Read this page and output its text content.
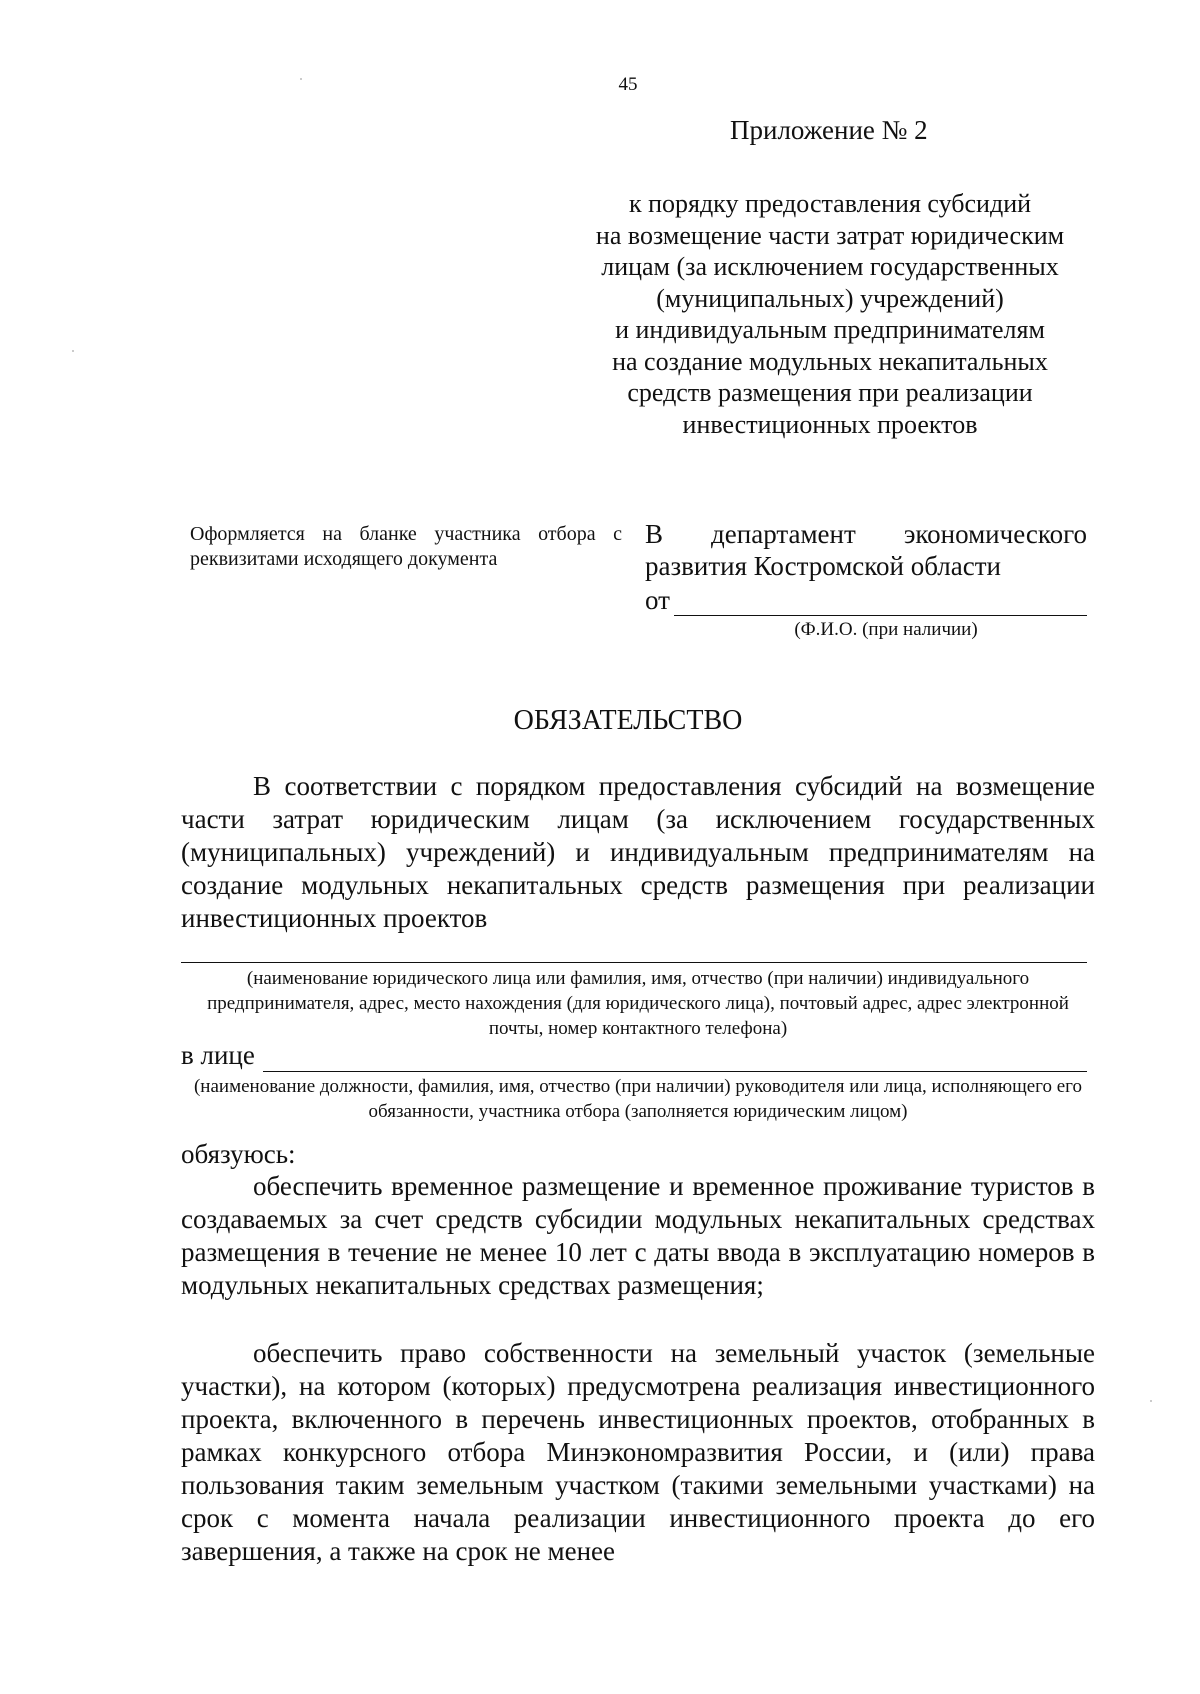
45
Приложение № 2
к порядку предоставления субсидий
на возмещение части затрат юридическим
лицам (за исключением государственных
(муниципальных) учреждений)
и индивидуальным предпринимателям
на создание модульных некапитальных
средств размещения при реализации
инвестиционных проектов
Оформляется на бланке участника отбора с реквизитами исходящего документа
В департамент экономического
развития Костромской области
от
(Ф.И.О. (при наличии)
ОБЯЗАТЕЛЬСТВО
В соответствии с порядком предоставления субсидий на возмещение части затрат юридическим лицам (за исключением государственных (муниципальных) учреждений) и индивидуальным предпринимателям на создание модульных некапитальных средств размещения при реализации инвестиционных проектов
(наименование юридического лица или фамилия, имя, отчество (при наличии) индивидуального предпринимателя, адрес, место нахождения (для юридического лица), почтовый адрес, адрес электронной почты, номер контактного телефона)
в лице
(наименование должности, фамилия, имя, отчество (при наличии) руководителя или лица, исполняющего его обязанности, участника отбора (заполняется юридическим лицом)
обязуюсь:
обеспечить временное размещение и временное проживание туристов в создаваемых за счет средств субсидии модульных некапитальных средствах размещения в течение не менее 10 лет с даты ввода в эксплуатацию номеров в модульных некапитальных средствах размещения;
обеспечить право собственности на земельный участок (земельные участки), на котором (которых) предусмотрена реализация инвестиционного проекта, включенного в перечень инвестиционных проектов, отобранных в рамках конкурсного отбора Минэкономразвития России, и (или) права пользования таким земельным участком (такими земельными участками) на срок с момента начала реализации инвестиционного проекта до его завершения, а также на срок не менее
